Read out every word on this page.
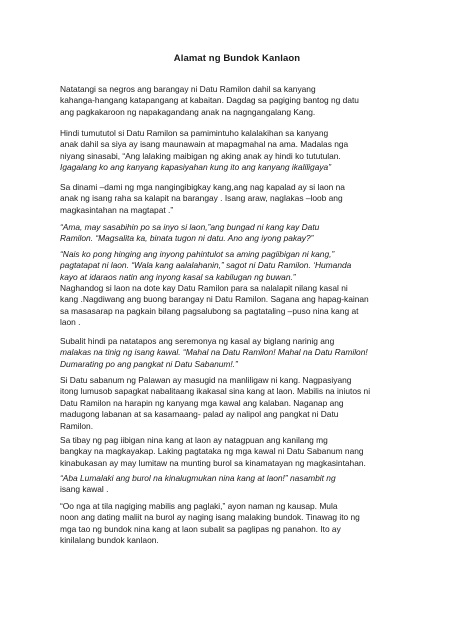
Alamat ng Bundok Kanlaon

Natatangi sa negros ang barangay ni Datu Ramilon dahil sa kanyang

kahanga-hangang katapangang at kabaitan. Dagdag sa pagiging bantog ng datu

ang pagkakaroon ng napakagandang anak na nagngangalang Kang.

Hindi tumututol si Datu Ramilon sa pamimintuho kalalakihan sa kanyang

anak dahil sa siya ay isang maunawain at mapagmahal na ama. Madalas nga

niyang sinasabi, “Ang lalaking maibigan ng aking anak ay hindi ko tututulan.

Igagalang ko ang kanyang kapasiyahan kung ito ang kanyang ikaliligaya”

Sa dinami –dami ng mga nangingibigkay kang,ang nag kapalad ay si laon na

anak ng isang raha sa kalapit na barangay . Isang araw, naglakas –loob ang

magkasintahan na magtapat .”

“Ama, may sasabihin po sa inyo si laon,”ang bungad ni kang kay Datu

Ramilon. “Magsalita ka, binata tugon ni datu. Ano ang iyong pakay?”

“Nais ko pong hinging ang inyong pahintulot sa aming pagiibigan ni kang,”

pagtatapat ni laon. “Wala kang aalalahanin,” sagot ni Datu Ramilon. ‘Humanda

kayo at idaraos natin ang inyong kasal sa kabilugan ng buwan.”

Naghandog si laon na dote kay Datu Ramilon para sa nalalapit nilang kasal ni

kang .Nagdiwang ang buong barangay ni Datu Ramilon. Sagana ang hapag-kainan

sa masasarap na pagkain bilang pagsalubong sa pagtataling –puso nina kang at

laon .

Subalit hindi pa natatapos ang seremonya ng kasal ay biglang narinig ang

malakas na tinig ng isang kawal. “Mahal na Datu Ramilon! Mahal na Datu Ramilon!

Dumarating po ang pangkat ni Datu Sabanum!.”

Si Datu sabanum ng Palawan ay masugid na manliligaw ni kang. Nagpasiyang

itong lumusob sapagkat nabalitaang ikakasal sina kang at laon. Mabilis na iniutos ni

Datu Ramilon na harapin ng kanyang mga kawal ang kalaban. Naganap ang

madugong labanan at sa kasamaang- palad ay nalipol ang pangkat ni Datu

Ramilon.

Sa tibay ng pag iibigan nina kang at laon ay natagpuan ang kanilang mg

bangkay na magkayakap. Laking pagtataka ng mga kawal ni Datu Sabanum nang

kinabukasan ay may lumitaw na munting burol sa kinamatayan ng magkasintahan.

“Aba Lumalaki ang burol na kinalugmukan nina kang at laon!” nasambit ng

isang kawal .

“Oo nga at tila nagiging mabilis ang paglaki,” ayon naman ng kausap. Mula

noon ang dating maliit na burol ay naging isang malaking bundok. Tinawag ito ng

mga tao ng bundok nina kang at laon subalit sa paglipas ng panahon. Ito ay

kinilalang bundok kanlaon.
